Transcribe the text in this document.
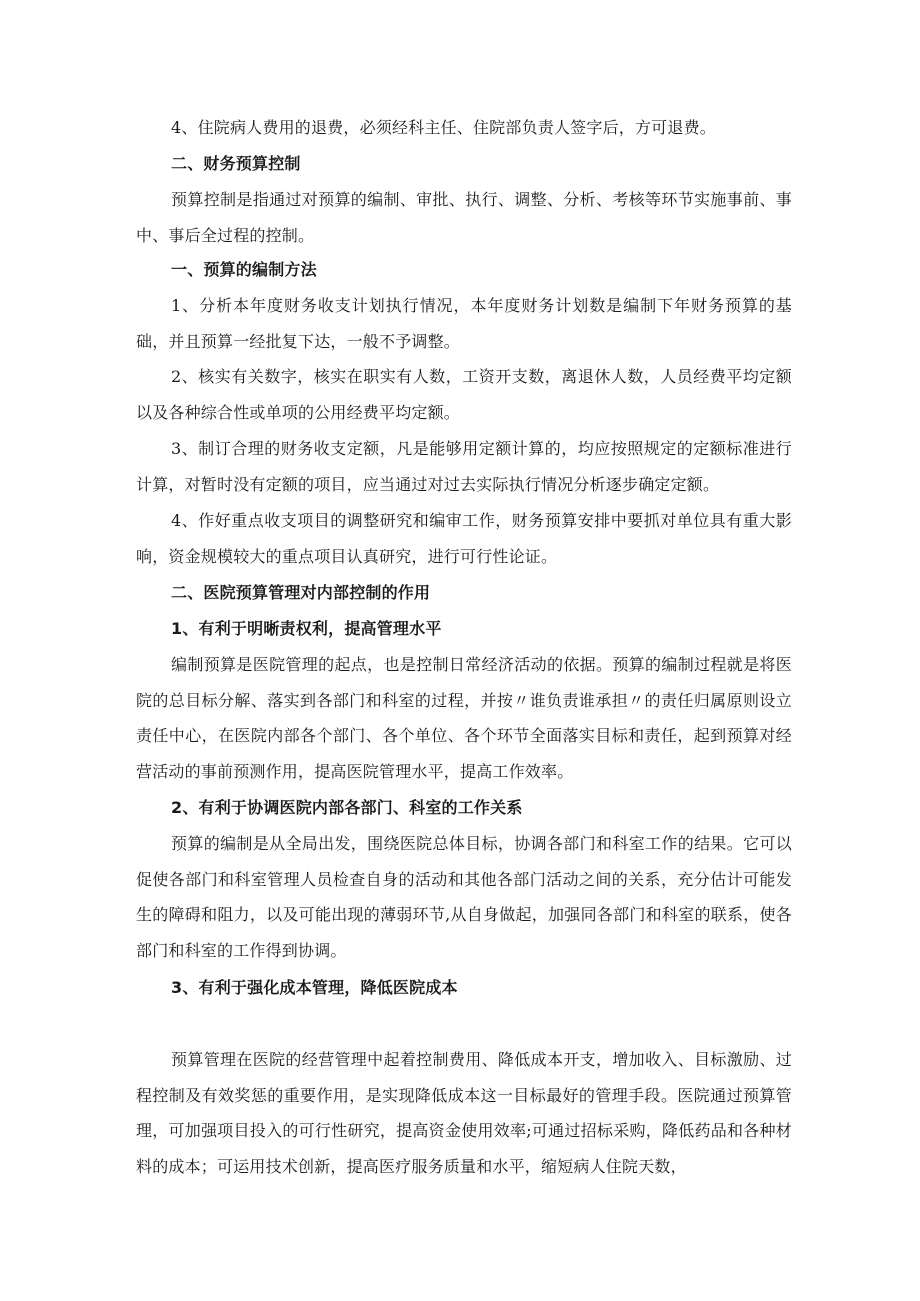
4、住院病人费用的退费，必须经科主任、住院部负责人签字后，方可退费。

二、财务预算控制

预算控制是指通过对预算的编制、审批、执行、调整、分析、考核等环节实施事前、事中、事后全过程的控制。

一、预算的编制方法

1、分析本年度财务收支计划执行情况，本年度财务计划数是编制下年财务预算的基础，并且预算一经批复下达，一般不予调整。

2、核实有关数字，核实在职实有人数，工资开支数，离退休人数，人员经费平均定额以及各种综合性或单项的公用经费平均定额。

3、制订合理的财务收支定额，凡是能够用定额计算的，均应按照规定的定额标准进行计算，对暂时没有定额的项目，应当通过对过去实际执行情况分析逐步确定定额。

4、作好重点收支项目的调整研究和编审工作，财务预算安排中要抓对单位具有重大影响，资金规模较大的重点项目认真研究，进行可行性论证。

二、医院预算管理对内部控制的作用

1、有利于明晰责权利，提高管理水平

编制预算是医院管理的起点，也是控制日常经济活动的依据。预算的编制过程就是将医院的总目标分解、落实到各部门和科室的过程，并按〃谁负责谁承担〃的责任归属原则设立责任中心，在医院内部各个部门、各个单位、各个环节全面落实目标和责任，起到预算对经营活动的事前预测作用，提高医院管理水平，提高工作效率。

2、有利于协调医院内部各部门、科室的工作关系

预算的编制是从全局出发，围绕医院总体目标，协调各部门和科室工作的结果。它可以促使各部门和科室管理人员检查自身的活动和其他各部门活动之间的关系，充分估计可能发生的障碍和阻力，以及可能出现的薄弱环节,从自身做起，加强同各部门和科室的联系，使各部门和科室的工作得到协调。

3、有利于强化成本管理，降低医院成本

预算管理在医院的经营管理中起着控制费用、降低成本开支，增加收入、目标激励、过程控制及有效奖惩的重要作用，是实现降低成本这一目标最好的管理手段。医院通过预算管理，可加强项目投入的可行性研究，提高资金使用效率;可通过招标采购，降低药品和各种材料的成本；可运用技术创新，提高医疗服务质量和水平，缩短病人住院天数，
